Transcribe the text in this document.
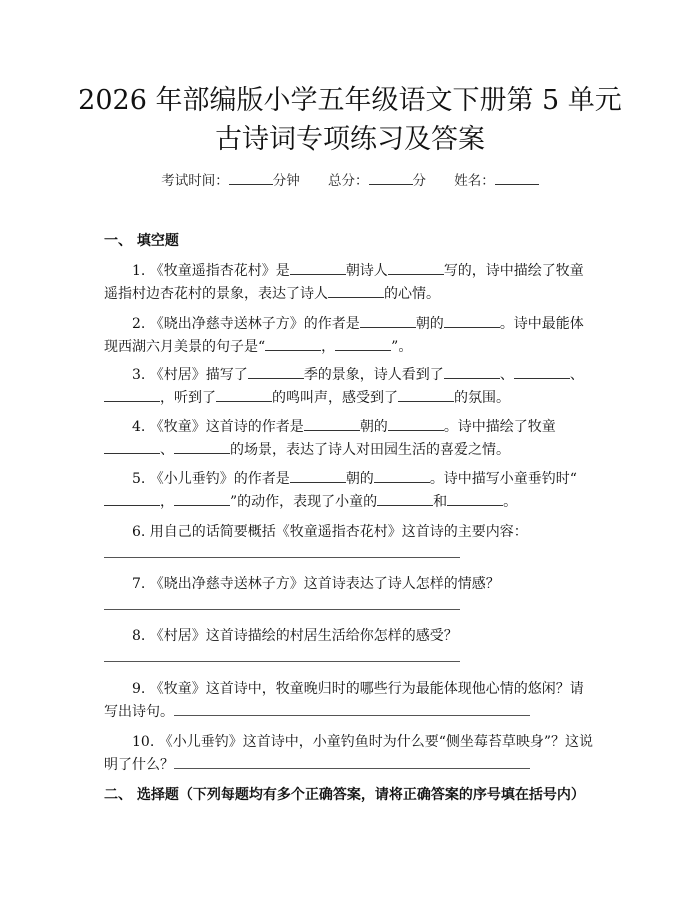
2026 年部编版小学五年级语文下册第 5 单元
古诗词专项练习及答案
考试时间：	分钟 总分：	分 姓名：
一、 填空题
1. 《牧童遥指杏花村》是	朝诗人	写的，诗中描绘了牧童遥指村边杏花村的景象，表达了诗人	的心情。
2. 《晓出净慈寺送林子方》的作者是	朝的	。诗中最能体现西湖六月美景的句子是“	，	”。
3. 《村居》描写了	季的景象，诗人看到了	、	、，听到了	的鸣叫声，感受到了	的氛围。
4. 《牧童》这首诗的作者是	朝的	。诗中描绘了牧童、	的场景，表达了诗人对田园生活的喜爱之情。
5. 《小儿垂钓》的作者是	朝的	。诗中描写小童垂钓时“，	”的动作，表现了小童的	和	。
6. 用自己的话简要概括《牧童遥指杏花村》这首诗的主要内容：
7. 《晓出净慈寺送林子方》这首诗表达了诗人怎样的情感？
8. 《村居》这首诗描绘的村居生活给你怎样的感受？
9. 《牧童》这首诗中，牧童晚归时的哪些行为最能体现他心情的悠闲？请写出诗句。
10. 《小儿垂钓》这首诗中，小童钓鱼时为什么要“侧坐莓苔草映身”？这说明了什么？
二、 选择题（下列每题均有多个正确答案，请将正确答案的序号填在括号内）
